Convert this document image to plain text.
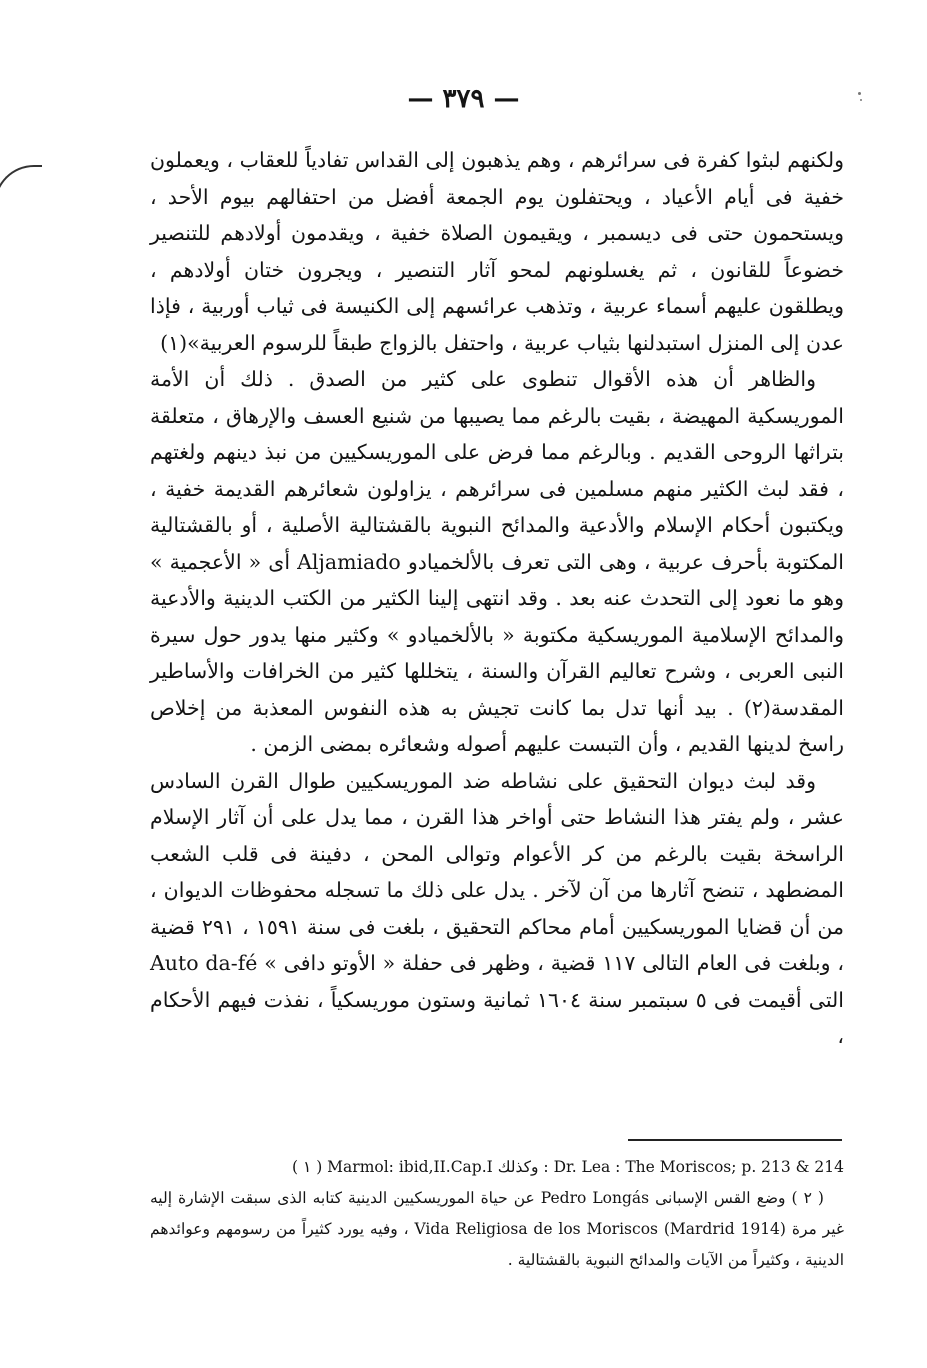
— ٣٧٩ —

ولكنهم لبثوا كفرة فى سرائرهم ، وهم يذهبون إلى القداس تفادياً للعقاب ، ويعملون خفية فى أيام الأعياد ، ويحتفلون يوم الجمعة أفضل من احتفالهم بيوم الأحد ، ويستحمون حتى فى ديسمبر ، ويقيمون الصلاة خفية ، ويقدمون أولادهم للتنصير خضوعاً للقانون ، ثم يغسلونهم لمحو آثار التنصير ، ويجرون ختان أولادهم ، ويطلقون عليهم أسماء عربية ، وتذهب عرائسهم إلى الكنيسة فى ثياب أوربية ، فإذا عدن إلى المنزل استبدلنها بثياب عربية ، واحتفل بالزواج طبقاً للرسوم العربية»(١)

والظاهر أن هذه الأقوال تنطوى على كثير من الصدق . ذلك أن الأمة الموريسكية المهيضة ، بقيت بالرغم مما يصيبها من شنيع العسف والإرهاق ، متعلقة بتراثها الروحى القديم . وبالرغم مما فرض على الموريسكيين من نبذ دينهم ولغتهم ، فقد لبث الكثير منهم مسلمين فى سرائرهم ، يزاولون شعائرهم القديمة خفية ، ويكتبون أحكام الإسلام والأدعية والمدائح النبوية بالقشتالية الأصلية ، أو بالقشتالية المكتوبة بأحرف عربية ، وهى التى تعرف بالألخميادو Aljamiado أى « الأعجمية » وهو ما نعود إلى التحدث عنه بعد . وقد انتهى إلينا الكثير من الكتب الدينية والأدعية والمدائح الإسلامية الموريسكية مكتوبة « بالألخميادو » وكثير منها يدور حول سيرة النبى العربى ، وشرح تعاليم القرآن والسنة ، يتخللها كثير من الخرافات والأساطير المقدسة(٢) . بيد أنها تدل بما كانت تجيش به هذه النفوس المعذبة من إخلاص راسخ لدينها القديم ، وأن التبست عليهم أصوله وشعائره بمضى الزمن .

وقد لبث ديوان التحقيق على نشاطه ضد الموريسكيين طوال القرن السادس عشر ، ولم يفتر هذا النشاط حتى أواخر هذا القرن ، مما يدل على أن آثار الإسلام الراسخة بقيت بالرغم من كر الأعوام وتوالى المحن ، دفينة فى قلب الشعب المضطهد ، تنضح آثارها من آن لآخر . يدل على ذلك ما تسجله محفوظات الديوان ، من أن قضايا الموريسكيين أمام محاكم التحقيق ، بلغت فى سنة ١٥٩١ ، ٢٩١ قضية ، وبلغت فى العام التالى ١١٧ قضية ، وظهر فى حفلة « الأوتو دافى » Auto da-fé التى أقيمت فى ٥ سبتمبر سنة ١٦٠٤ ثمانية وستون موريسكياً ، نفذت فيهم الأحكام ،

Dr. Lea : The Moriscos; p. 213 & 214 : وكذلك Marmol: ibid,II.Cap.I ( ١ )

( ٢ ) وضع القس الإسبانى Pedro Longás عن حياة الموريسكيين الدينية كتابه الذى سبقت الإشارة إليه غير مرة Vida Religiosa de los Moriscos (Mardrid 1914) ، وفيه يورد كثيراً من رسومهم وعوائدهم الدينية ، وكثيراً من الآيات والمدائح النبوية بالقشتالية .
